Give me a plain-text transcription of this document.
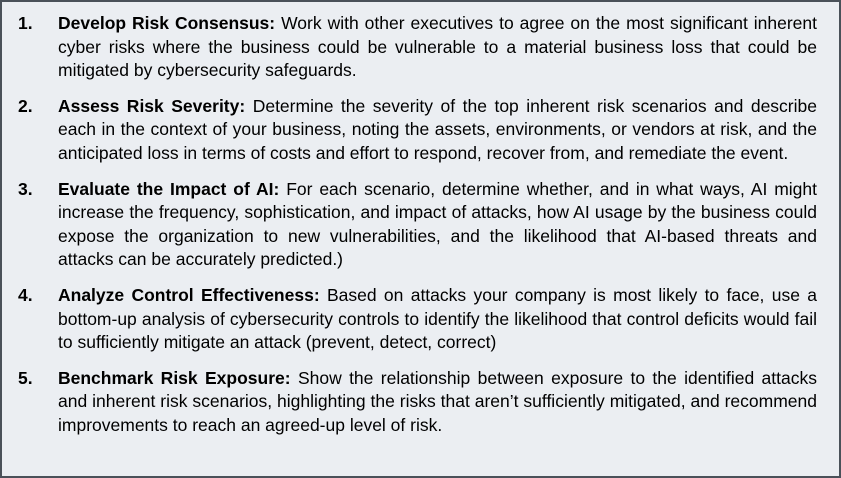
1.	Develop Risk Consensus: Work with other executives to agree on the most significant inherent cyber risks where the business could be vulnerable to a material business loss that could be mitigated by cybersecurity safeguards.
2.	Assess Risk Severity: Determine the severity of the top inherent risk scenarios and describe each in the context of your business, noting the assets, environments, or vendors at risk, and the anticipated loss in terms of costs and effort to respond, recover from, and remediate the event.
3.	Evaluate the Impact of AI: For each scenario, determine whether, and in what ways, AI might increase the frequency, sophistication, and impact of attacks, how AI usage by the business could expose the organization to new vulnerabilities, and the likelihood that AI-based threats and attacks can be accurately predicted.)
4.	Analyze Control Effectiveness: Based on attacks your company is most likely to face, use a bottom-up analysis of cybersecurity controls to identify the likelihood that control deficits would fail to sufficiently mitigate an attack (prevent, detect, correct)
5.	Benchmark Risk Exposure: Show the relationship between exposure to the identified attacks and inherent risk scenarios, highlighting the risks that aren’t sufficiently mitigated, and recommend improvements to reach an agreed-up level of risk.
